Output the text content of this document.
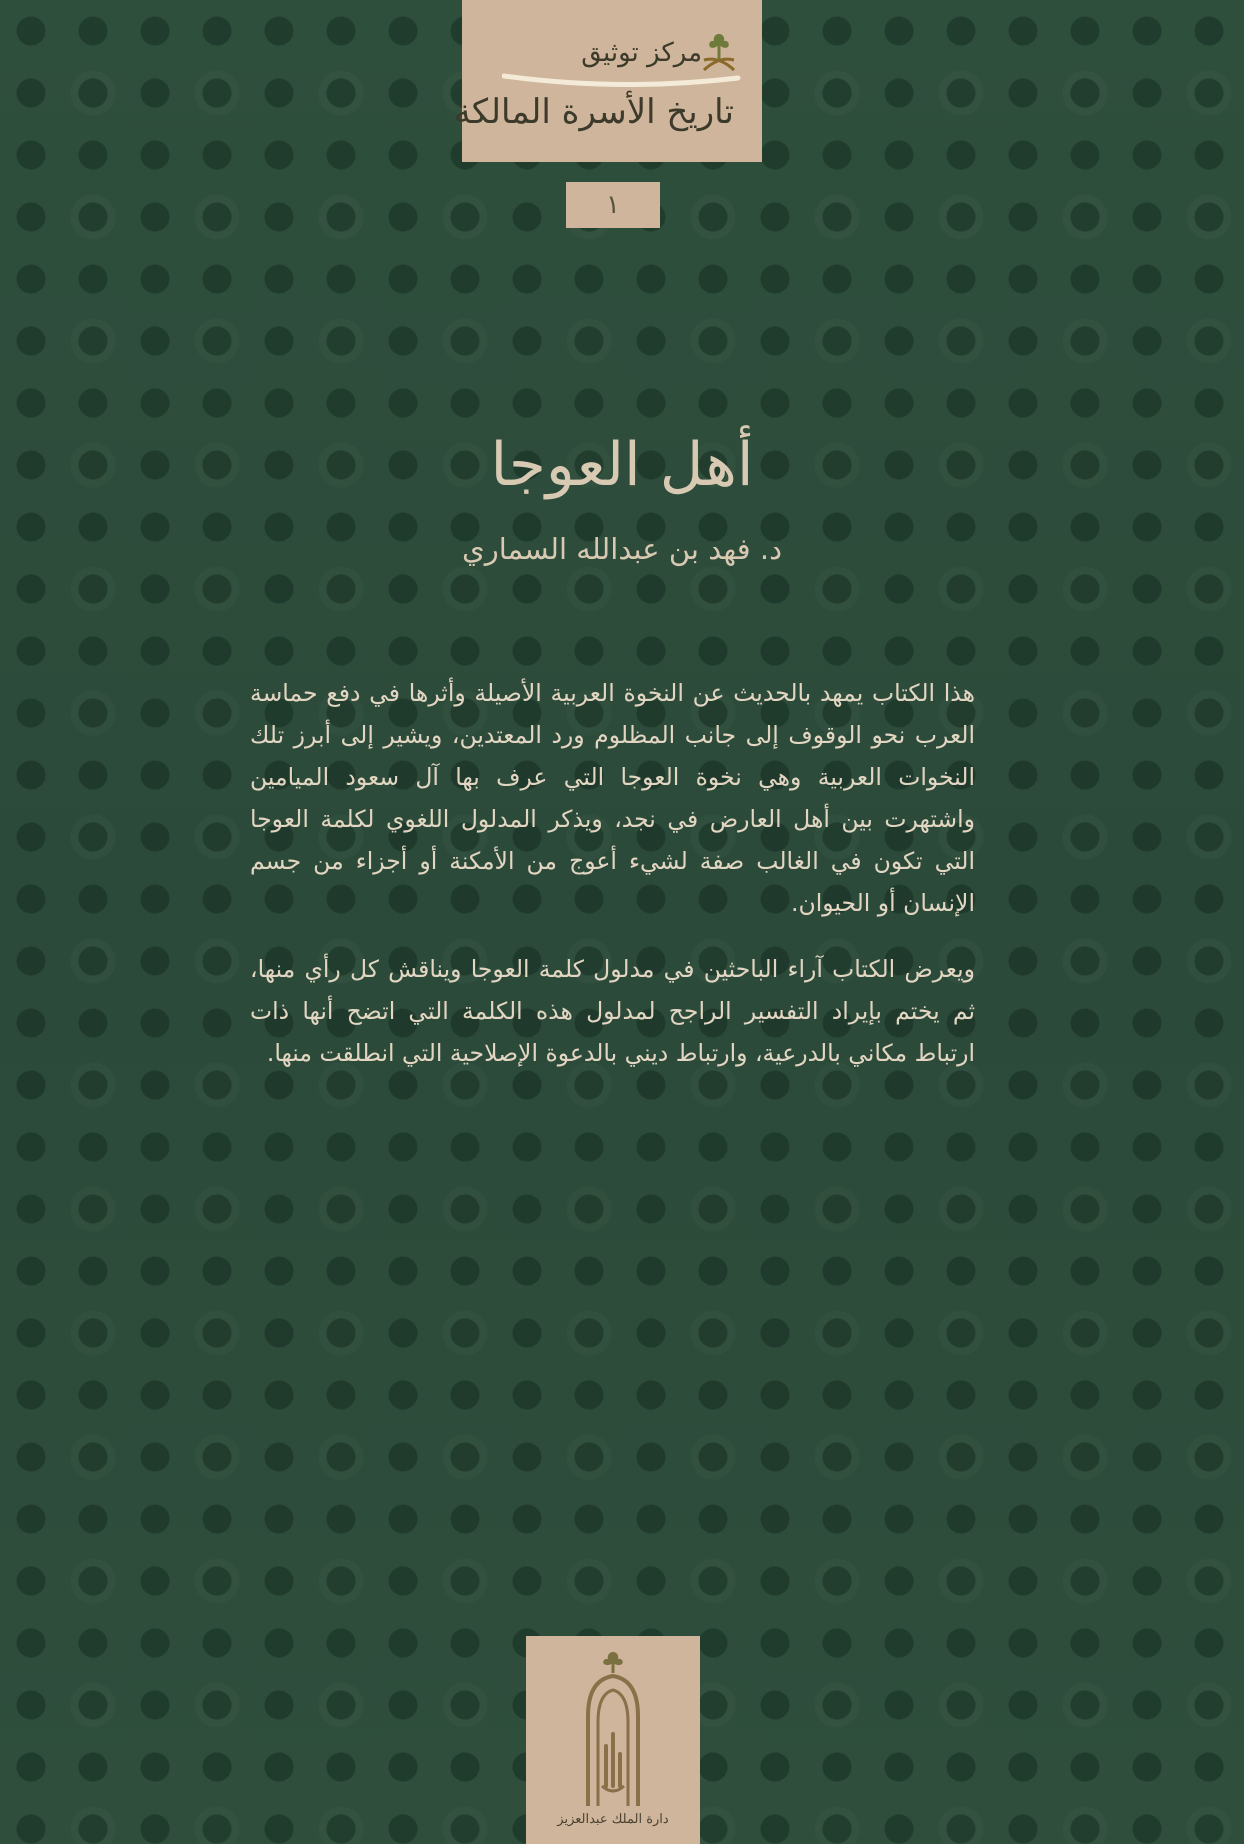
مركز توثيق
تاريخ الأسرة المالكة
١
أهل العوجا
د. فهد بن عبدالله السماري

هذا الكتاب يمهد بالحديث عن النخوة العربية الأصيلة وأثرها في دفع حماسة العرب نحو الوقوف إلى جانب المظلوم ورد المعتدين، ويشير إلى أبرز تلك النخوات العربية وهي نخوة العوجا التي عرف بها آل سعود الميامين واشتهرت بين أهل العارض في نجد، ويذكر المدلول اللغوي لكلمة العوجا التي تكون في الغالب صفة لشيء أعوج من الأمكنة أو أجزاء من جسم الإنسان أو الحيوان.

ويعرض الكتاب آراء الباحثين في مدلول كلمة العوجا ويناقش كل رأي منها، ثم يختم بإيراد التفسير الراجح لمدلول هذه الكلمة التي اتضح أنها ذات ارتباط مكاني بالدرعية، وارتباط ديني بالدعوة الإصلاحية التي انطلقت منها.

دارة الملك عبدالعزيز
